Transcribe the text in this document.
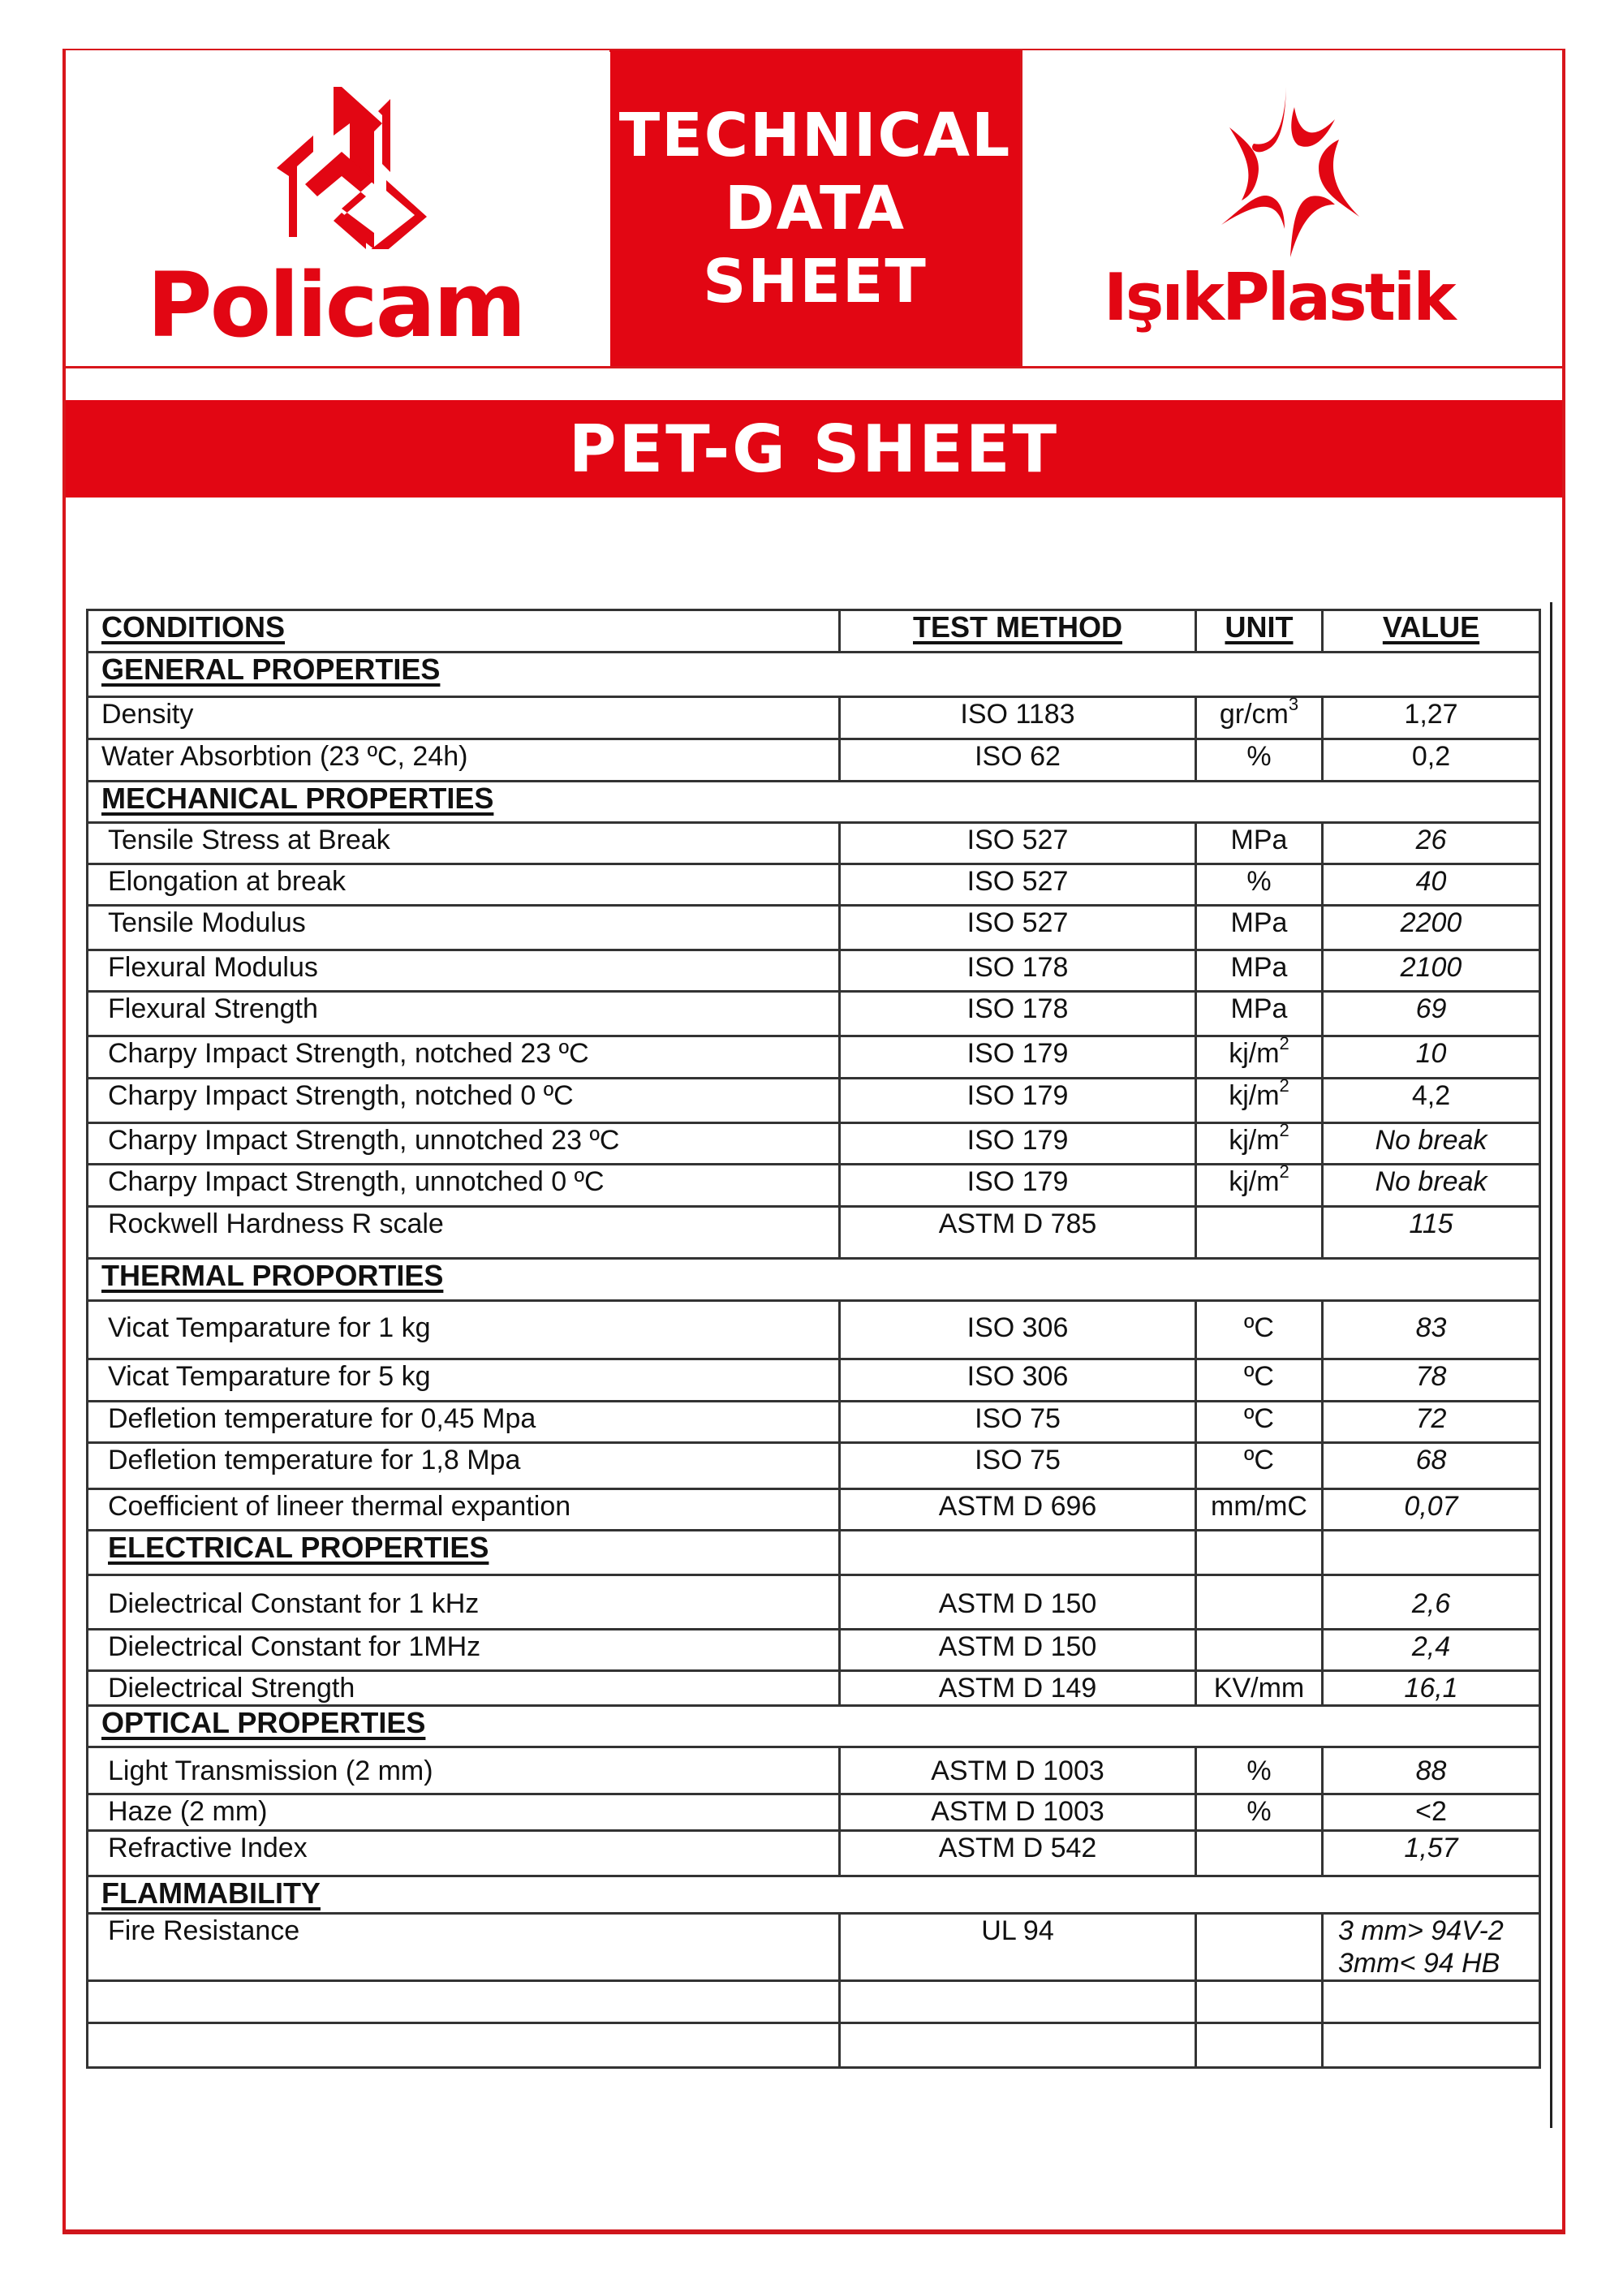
Policam
TECHNICAL
DATA
SHEET	IşıkPlastik
PET-G SHEET
CONDITIONS	TEST METHOD	UNIT	VALUE
GENERAL PROPERTIES			
Density	ISO 1183	$gr/cm^3$	1,27
Water Absorbtion (23 ºC, 24h)	ISO 62	%	0,2
MECHANICAL PROPERTIES			
Tensile Stress at Break	ISO 527	MPa	26
Elongation at break	ISO 527	%	40
Tensile Modulus	ISO 527	MPa	2200
Flexural Modulus	ISO 178	MPa	2100
Flexural Strength	ISO 178	MPa	69
Charpy Impact Strength, notched 23 ºC	ISO 179	$kj/m^2$	10
Charpy Impact Strength, notched 0 ºC	ISO 179	$kj/m^2$	4,2
Charpy Impact Strength, unnotched 23 ºC	ISO 179	$kj/m^2$	No break
Charpy Impact Strength, unnotched 0 ºC	ISO 179	$kj/m^2$	No break
Rockwell Hardness R scale	ASTM D 785		115
THERMAL PROPORTIES			
Vicat Temparature for 1 kg	ISO 306	ºC	83
Vicat Temparature for 5 kg	ISO 306	ºC	78
Defletion temperature for 0,45 Mpa	ISO 75	ºC	72
Defletion temperature for 1,8 Mpa	ISO 75	ºC	68
Coefficient of lineer thermal expantion	ASTM D 696	mm/mC	0,07
ELECTRICAL PROPERTIES			
Dielectrical Constant for 1 kHz	ASTM D 150		2,6
Dielectrical Constant for 1MHz	ASTM D 150		2,4
Dielectrical Strength	ASTM D 149	KV/mm	16,1
OPTICAL PROPERTIES			
Light Transmission (2 mm)	ASTM D 1003	%	88
Haze (2 mm)	ASTM D 1003	%	<2
Refractive Index	ASTM D 542		1,57
FLAMMABILITY			
Fire Resistance	UL 94		3 mm> 94V-2
3mm< 94 HB
